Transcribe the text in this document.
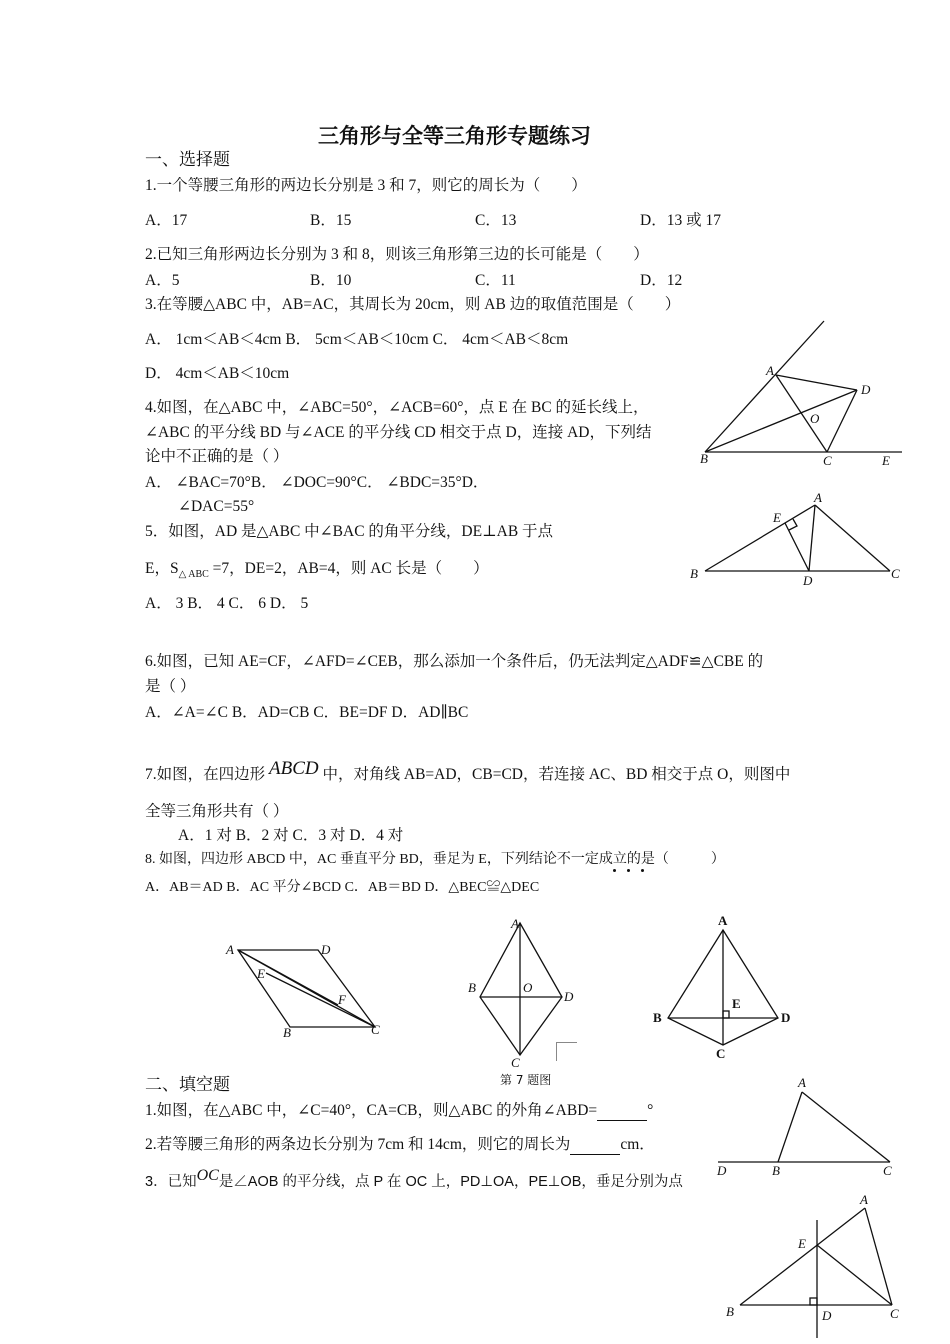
三角形与全等三角形专题练习
一、选择题
1.一个等腰三角形的两边长分别是 3 和 7，则它的周长为（　　）
A．17	B．15	C．13	D．13 或 17
2.已知三角形两边长分别为 3 和 8，则该三角形第三边的长可能是（　　）
A．5	B．10	C．11	D．12
3.在等腰△ABC 中，AB=AC，其周长为 20cm，则 AB 边的取值范围是（　　）
A． 1cm＜AB＜4cm B． 5cm＜AB＜10cm C． 4cm＜AB＜8cm
D． 4cm＜AB＜10cm
4.如图，在△ABC 中，∠ABC=50°，∠ACB=60°，点 E 在 BC 的延长线上，
∠ABC 的平分线 BD 与∠ACE 的平分线 CD 相交于点 D，连接 AD，下列结
论中不正确的是（ ）
A． ∠BAC=70°B． ∠DOC=90°C． ∠BDC=35°D．
∠DAC=55°
5．如图，AD 是△ABC 中∠BAC 的角平分线，DE⊥AB 于点
E，$S_{\triangle ABC} =7$，DE=2，AB=4，则 AC 长是（　　）
A． 3 B． 4 C． 6 D． 5
6.如图，已知 AE=CF，∠AFD=∠CEB，那么添加一个条件后，仍无法判定△ADF≌△CBE 的
是（ ）
A．∠A=∠C B．AD=CB C．BE=DF D．AD∥BC
7.如图，在四边形 ABCD 中，对角线 AB=AD，CB=CD，若连接 AC、BD 相交于点 O，则图中
全等三角形共有（ ）
A．1 对 B．2 对 C．3 对 D．4 对
8. 如图，四边形 ABCD 中，AC 垂直平分 BD，垂足为 E，下列结论不一定成立的是（　　　）
A．AB＝AD B．AC 平分∠BCD C．AB＝BD D．△BEC≌△DEC
A
D
O
B	C	E
A
E
B	D	C
A	D
E
F
B	C
A
B	O
D
C
第 7 题图
A
B
E
D
C
二、填空题
1.如图，在△ABC 中，∠C=40°，CA=CB，则△ABC 的外角∠ABD=	°
2.若等腰三角形的两条边长分别为 7cm 和 14cm，则它的周长为	cm．
3．已知OC是∠AOB 的平分线，点 P 在 OC 上，PD⊥OA，PE⊥OB，垂足分别为点
A
D	B	C
A
E
B	D	C
